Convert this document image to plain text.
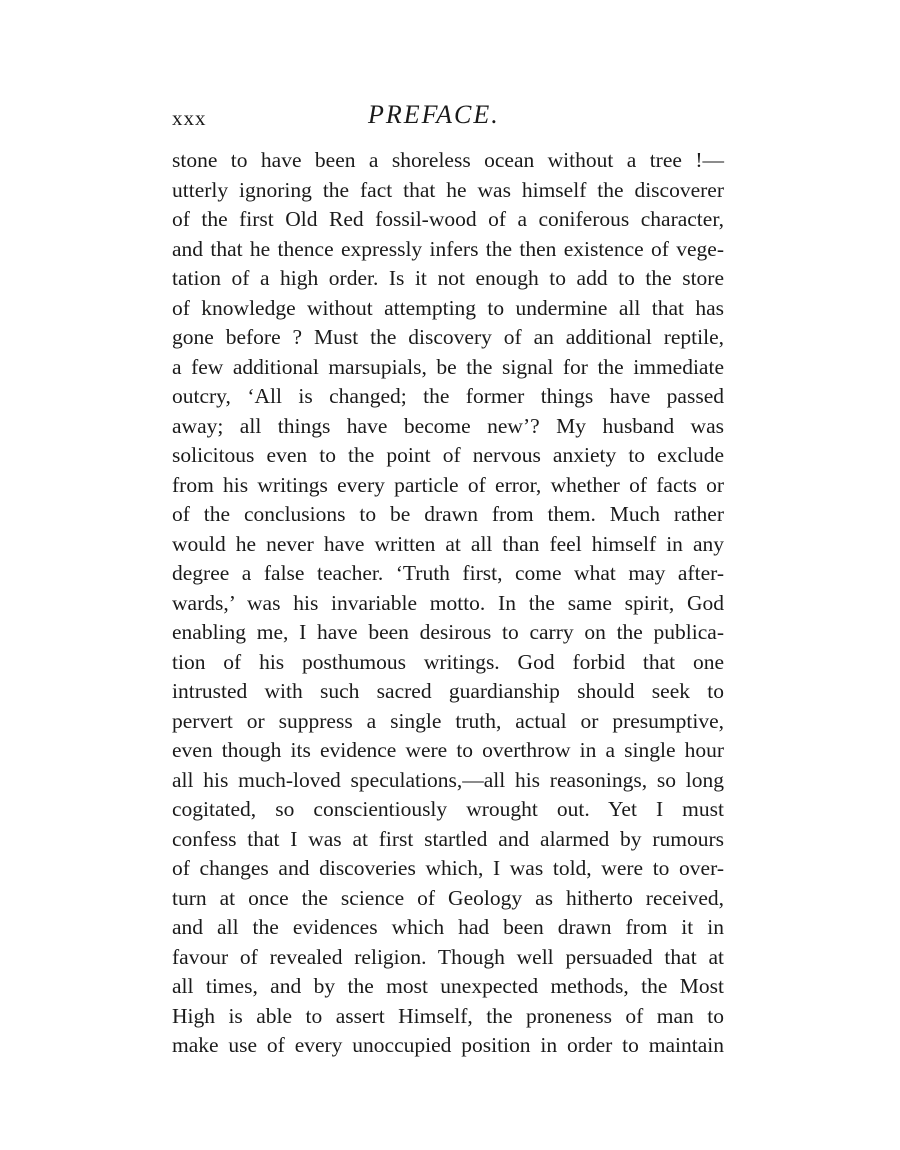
xxx	PREFACE.
stone to have been a shoreless ocean without a tree !—
utterly ignoring the fact that he was himself the discoverer
of the first Old Red fossil-wood of a coniferous character,
and that he thence expressly infers the then existence of vege-
tation of a high order. Is it not enough to add to the store
of knowledge without attempting to undermine all that has
gone before ? Must the discovery of an additional reptile,
a few additional marsupials, be the signal for the immediate
outcry, ‘All is changed; the former things have passed
away; all things have become new’? My husband was
solicitous even to the point of nervous anxiety to exclude
from his writings every particle of error, whether of facts or
of the conclusions to be drawn from them. Much rather
would he never have written at all than feel himself in any
degree a false teacher. ‘Truth first, come what may after-
wards,’ was his invariable motto. In the same spirit, God
enabling me, I have been desirous to carry on the publica-
tion of his posthumous writings. God forbid that one
intrusted with such sacred guardianship should seek to
pervert or suppress a single truth, actual or presumptive,
even though its evidence were to overthrow in a single hour
all his much-loved speculations,—all his reasonings, so long
cogitated, so conscientiously wrought out. Yet I must
confess that I was at first startled and alarmed by rumours
of changes and discoveries which, I was told, were to over-
turn at once the science of Geology as hitherto received,
and all the evidences which had been drawn from it in
favour of revealed religion. Though well persuaded that at
all times, and by the most unexpected methods, the Most
High is able to assert Himself, the proneness of man to
make use of every unoccupied position in order to maintain
